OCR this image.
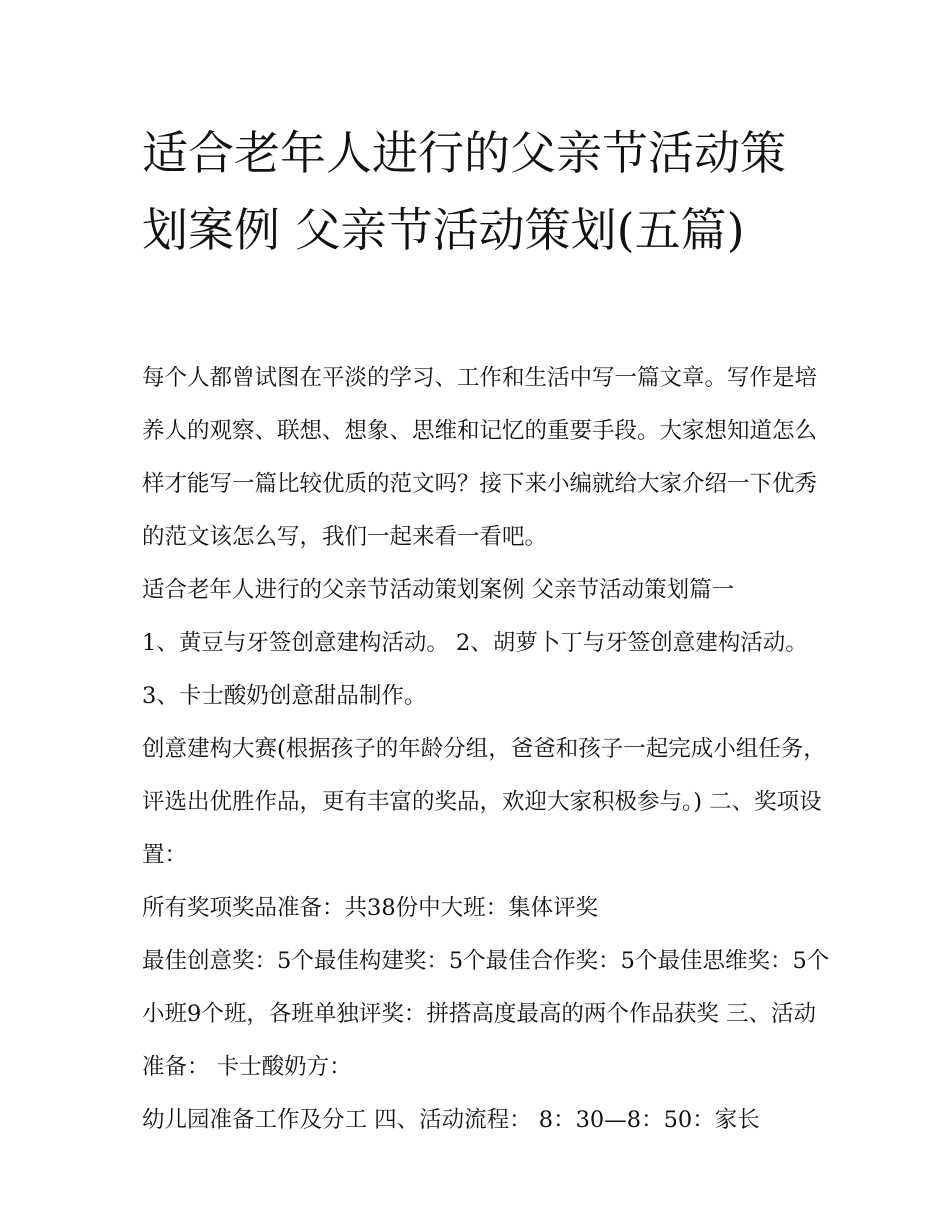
适合老年人进行的父亲节活动策划案例 父亲节活动策划(五篇)

每个人都曾试图在平淡的学习、工作和生活中写一篇文章。写作是培养人的观察、联想、想象、思维和记忆的重要手段。大家想知道怎么样才能写一篇比较优质的范文吗？接下来小编就给大家介绍一下优秀的范文该怎么写，我们一起来看一看吧。

适合老年人进行的父亲节活动策划案例 父亲节活动策划篇一

1、黄豆与牙签创意建构活动。 2、胡萝卜丁与牙签创意建构活动。 3、卡士酸奶创意甜品制作。

创意建构大赛(根据孩子的年龄分组，爸爸和孩子一起完成小组任务，评选出优胜作品，更有丰富的奖品，欢迎大家积极参与。) 二、奖项设置：

所有奖项奖品准备：共38份中大班：集体评奖

最佳创意奖：5个最佳构建奖：5个最佳合作奖：5个最佳思维奖：5个小班9个班，各班单独评奖：拼搭高度最高的两个作品获奖 三、活动准备： 卡士酸奶方：

幼儿园准备工作及分工 四、活动流程： 8：30—8：50：家长
